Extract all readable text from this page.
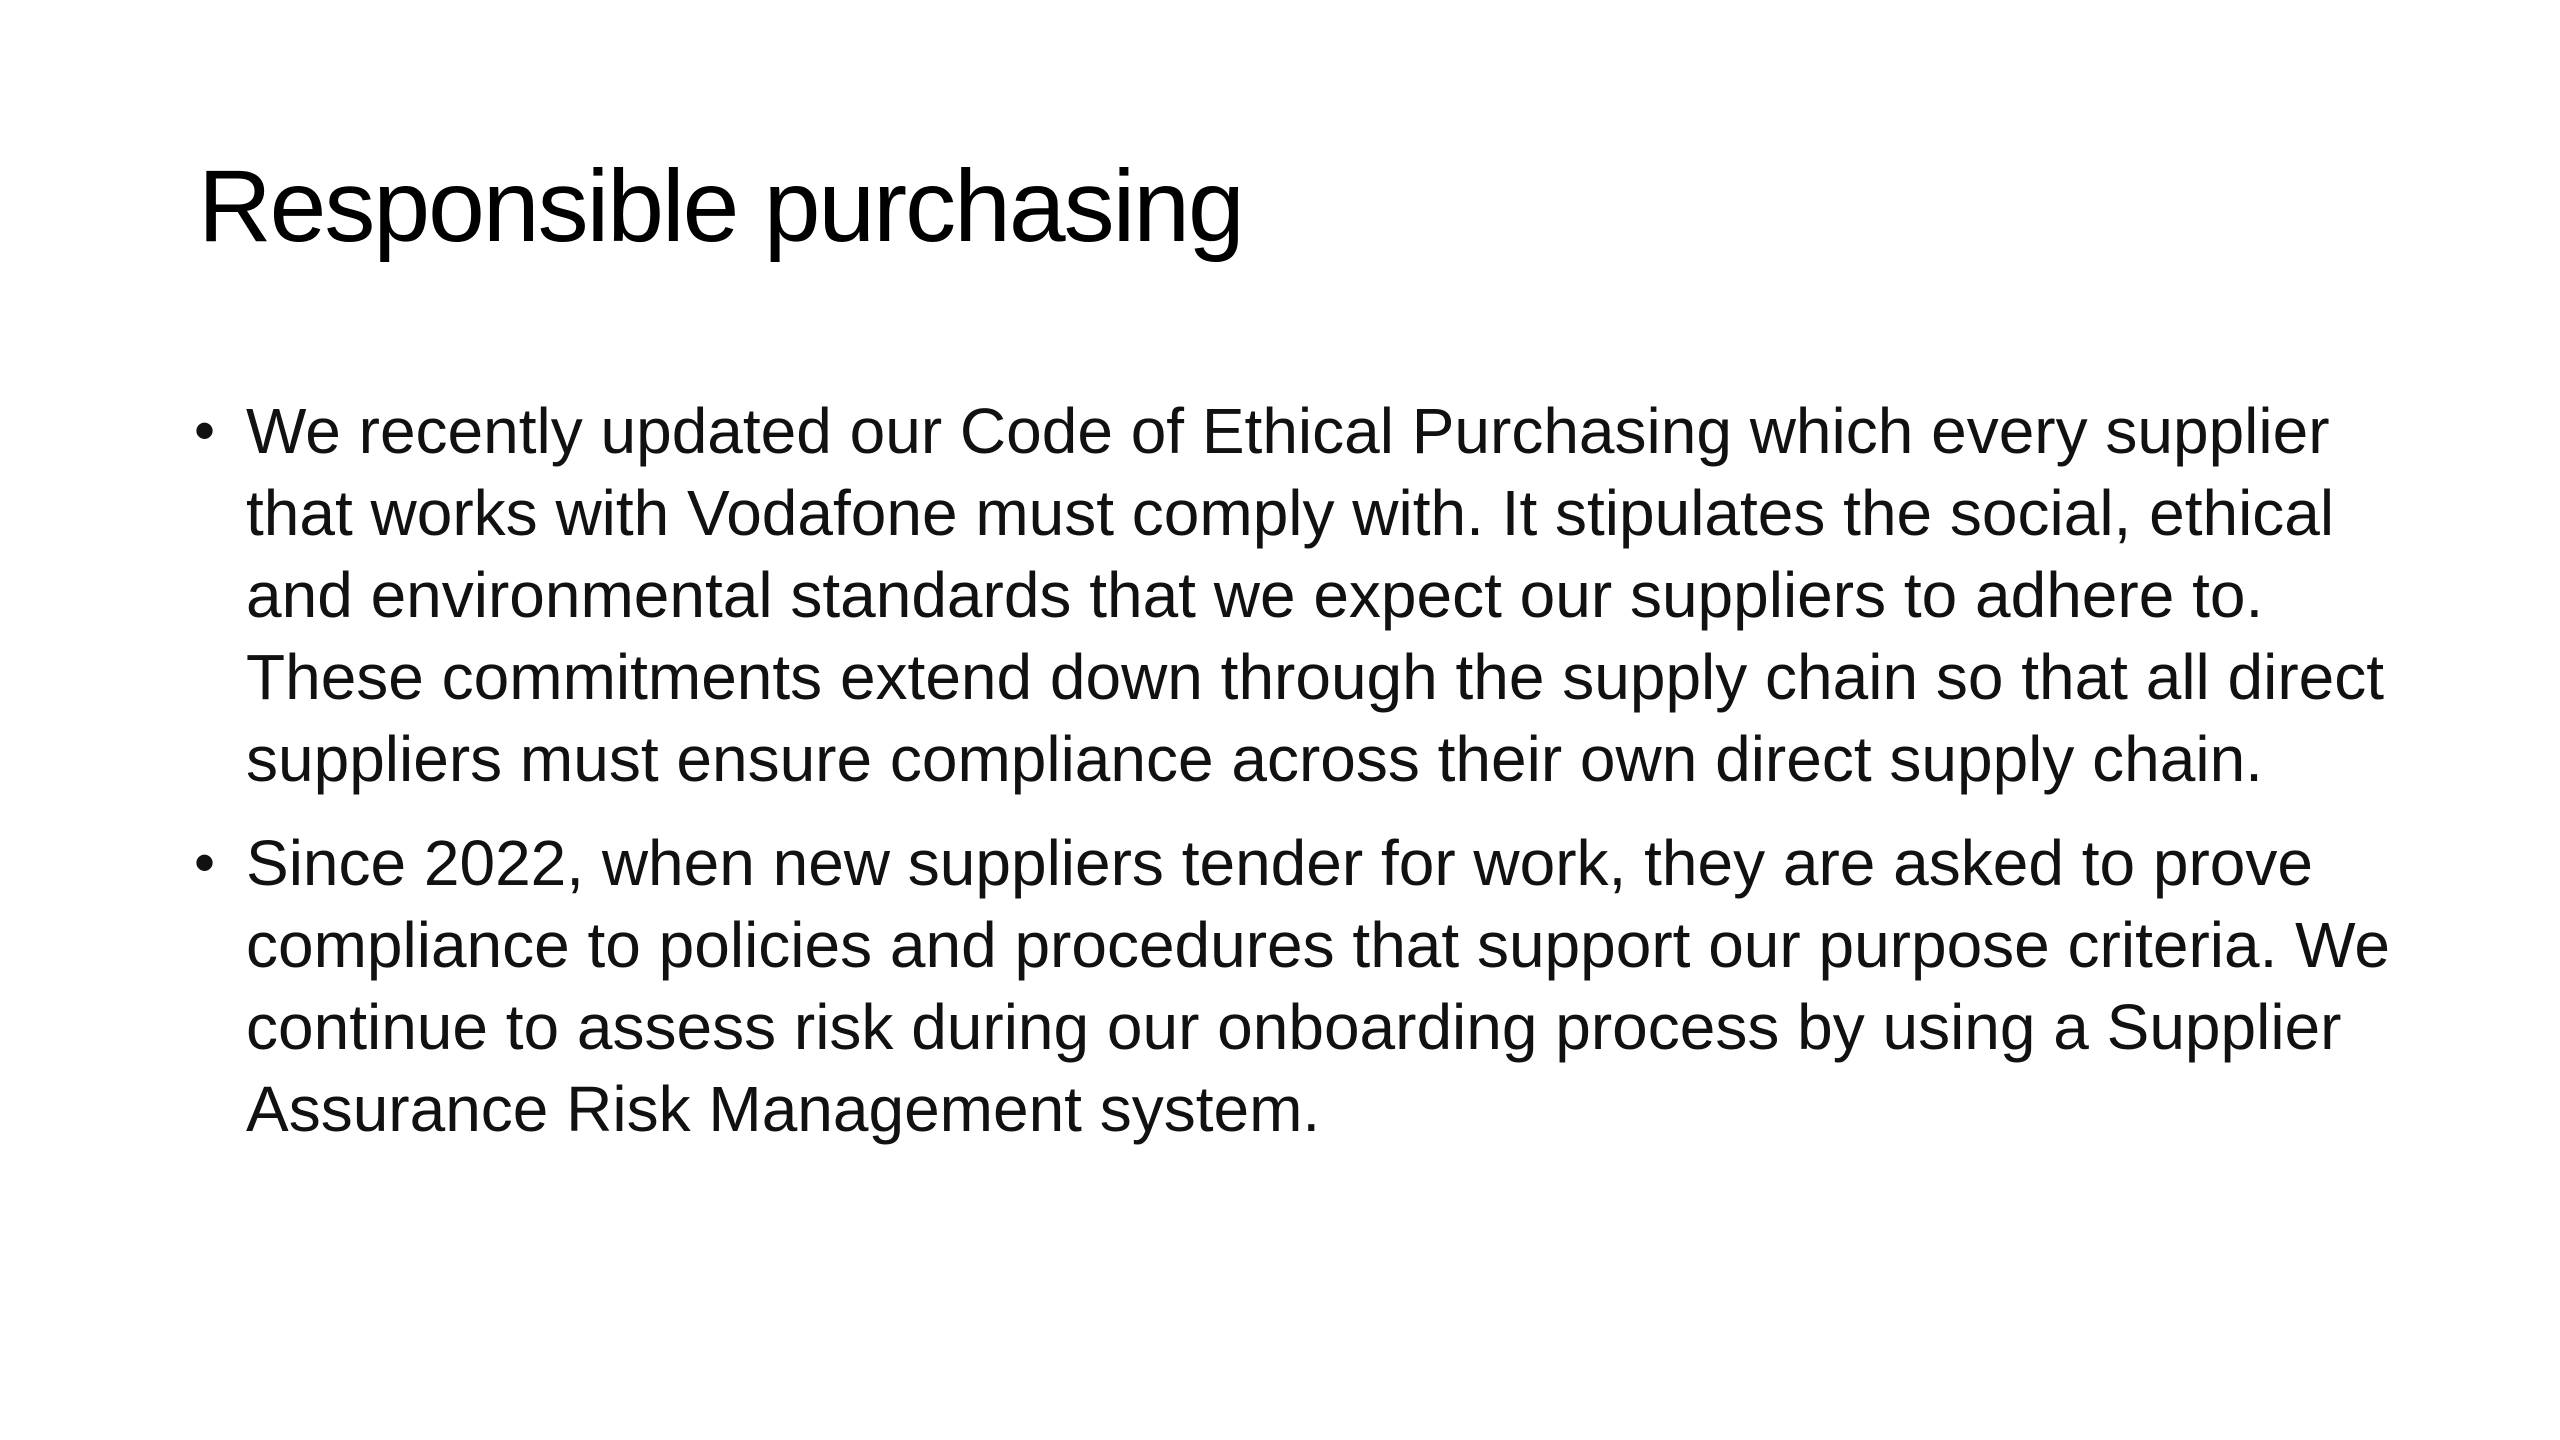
Responsible purchasing
• We recently updated our Code of Ethical Purchasing which every supplier that works with Vodafone must comply with. It stipulates the social, ethical and environmental standards that we expect our suppliers to adhere to. These commitments extend down through the supply chain so that all direct suppliers must ensure compliance across their own direct supply chain.
• Since 2022, when new suppliers tender for work, they are asked to prove compliance to policies and procedures that support our purpose criteria. We continue to assess risk during our onboarding process by using a Supplier Assurance Risk Management system.
